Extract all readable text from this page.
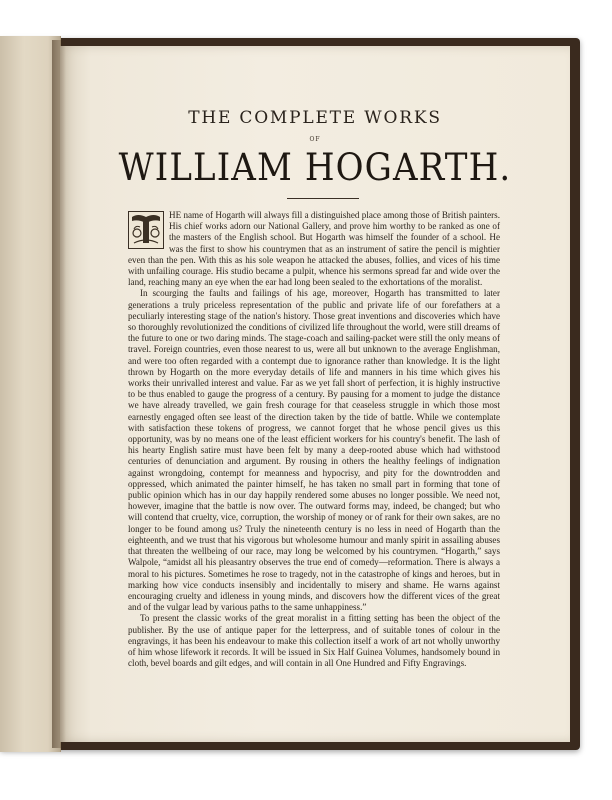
THE COMPLETE WORKS
OF
WILLIAM HOGARTH.

HE name of Hogarth will always fill a distinguished place among those of British painters. His chief works adorn our National Gallery, and prove him worthy to be ranked as one of the masters of the English school. But Hogarth was himself the founder of a school. He was the first to show his countrymen that as an instrument of satire the pencil is mightier even than the pen. With this as his sole weapon he attacked the abuses, follies, and vices of his time with unfailing courage. His studio became a pulpit, whence his sermons spread far and wide over the land, reaching many an eye when the ear had long been sealed to the exhortations of the moralist.

In scourging the faults and failings of his age, moreover, Hogarth has transmitted to later generations a truly priceless representation of the public and private life of our forefathers at a peculiarly interesting stage of the nation's history. Those great inventions and discoveries which have so thoroughly revolutionized the conditions of civilized life throughout the world, were still dreams of the future to one or two daring minds. The stage-coach and sailing-packet were still the only means of travel. Foreign countries, even those nearest to us, were all but unknown to the average Englishman, and were too often regarded with a contempt due to ignorance rather than knowledge. It is the light thrown by Hogarth on the more everyday details of life and manners in his time which gives his works their unrivalled interest and value. Far as we yet fall short of perfection, it is highly instructive to be thus enabled to gauge the progress of a century. By pausing for a moment to judge the distance we have already travelled, we gain fresh courage for that ceaseless struggle in which those most earnestly engaged often see least of the direction taken by the tide of battle. While we contemplate with satisfaction these tokens of progress, we cannot forget that he whose pencil gives us this opportunity, was by no means one of the least efficient workers for his country's benefit. The lash of his hearty English satire must have been felt by many a deep-rooted abuse which had withstood centuries of denunciation and argument. By rousing in others the healthy feelings of indignation against wrongdoing, contempt for meanness and hypocrisy, and pity for the downtrodden and oppressed, which animated the painter himself, he has taken no small part in forming that tone of public opinion which has in our day happily rendered some abuses no longer possible. We need not, however, imagine that the battle is now over. The outward forms may, indeed, be changed; but who will contend that cruelty, vice, corruption, the worship of money or of rank for their own sakes, are no longer to be found among us? Truly the nineteenth century is no less in need of Hogarth than the eighteenth, and we trust that his vigorous but wholesome humour and manly spirit in assailing abuses that threaten the wellbeing of our race, may long be welcomed by his countrymen. “Hogarth,” says Walpole, “amidst all his pleasantry observes the true end of comedy—reformation. There is always a moral to his pictures. Sometimes he rose to tragedy, not in the catastrophe of kings and heroes, but in marking how vice conducts insensibly and incidentally to misery and shame. He warns against encouraging cruelty and idleness in young minds, and discovers how the different vices of the great and of the vulgar lead by various paths to the same unhappiness.”

To present the classic works of the great moralist in a fitting setting has been the object of the publisher. By the use of antique paper for the letterpress, and of suitable tones of colour in the engravings, it has been his endeavour to make this collection itself a work of art not wholly unworthy of him whose lifework it records. It will be issued in Six Half Guinea Volumes, handsomely bound in cloth, bevel boards and gilt edges, and will contain in all One Hundred and Fifty Engravings.
